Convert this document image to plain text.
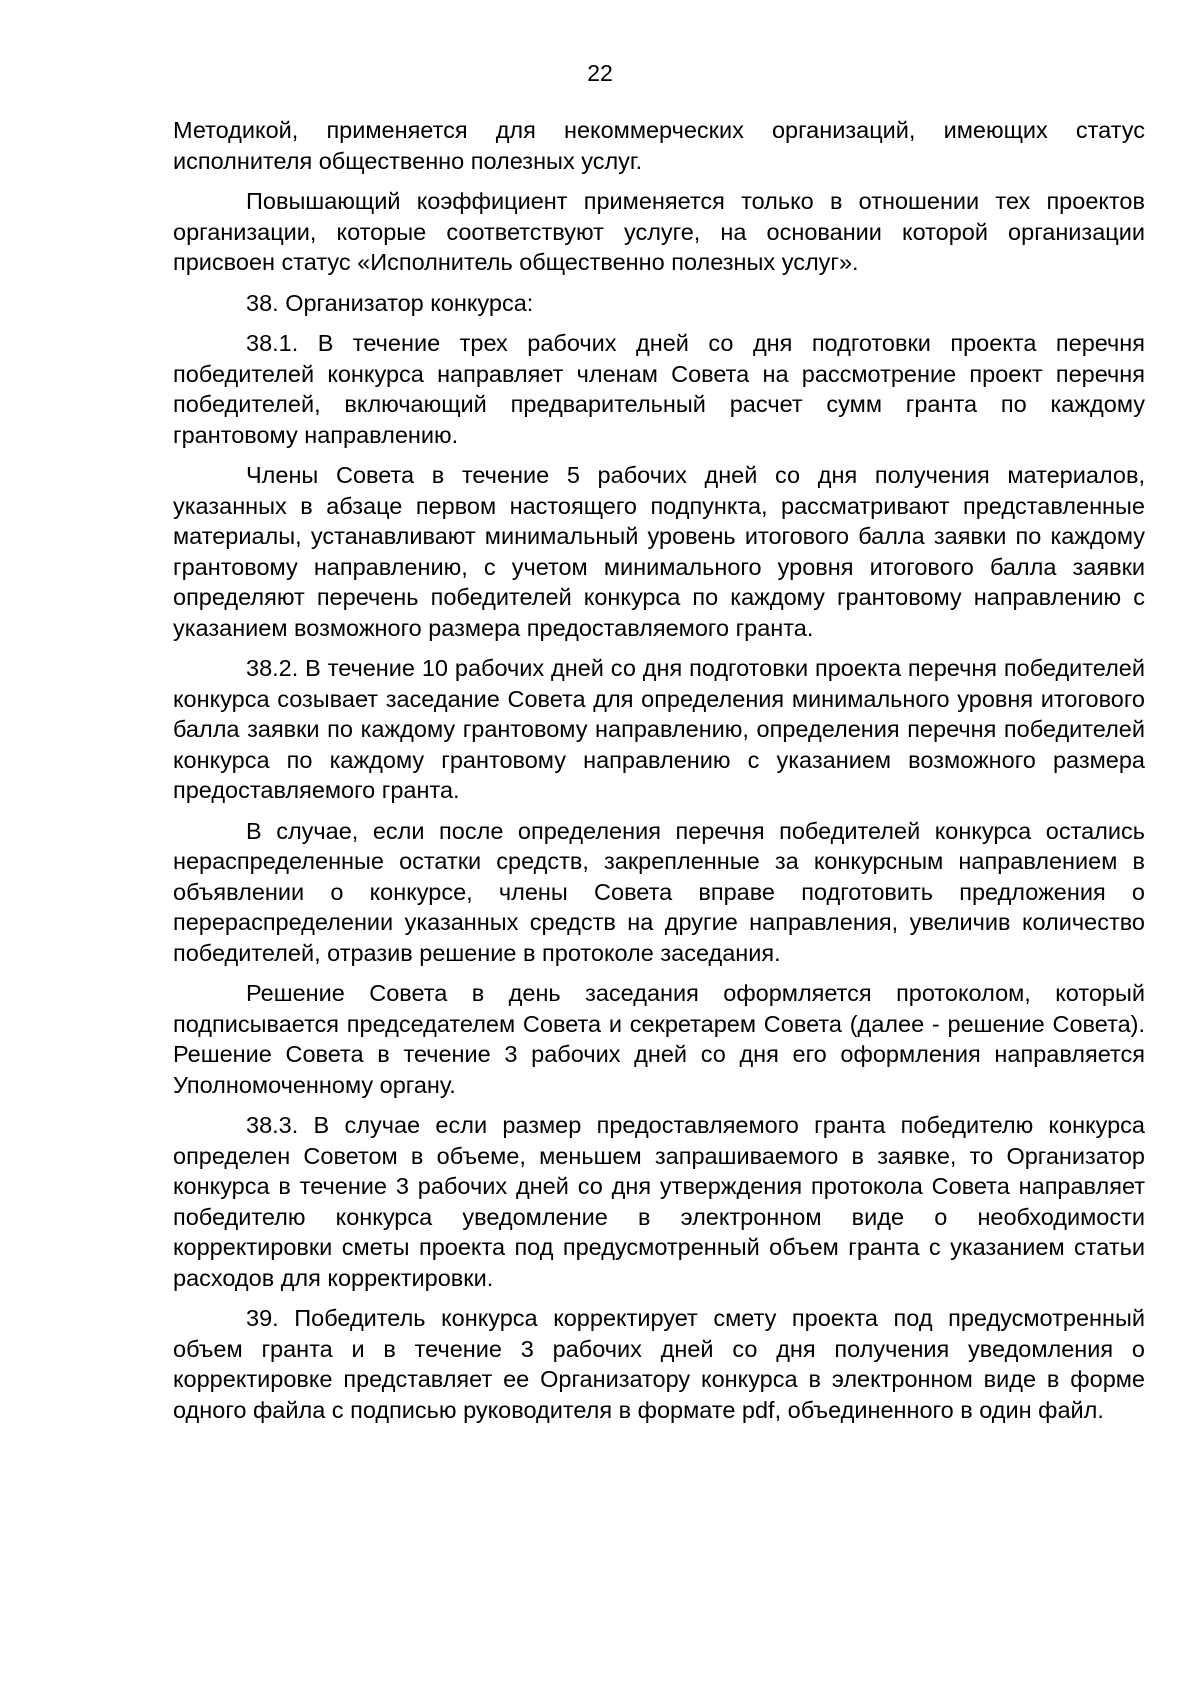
22

Методикой, применяется для некоммерческих организаций, имеющих статус исполнителя общественно полезных услуг.

Повышающий коэффициент применяется только в отношении тех проектов организации, которые соответствуют услуге, на основании которой организации присвоен статус «Исполнитель общественно полезных услуг».

38. Организатор конкурса:

38.1. В течение трех рабочих дней со дня подготовки проекта перечня победителей конкурса направляет членам Совета на рассмотрение проект перечня победителей, включающий предварительный расчет сумм гранта по каждому грантовому направлению.

Члены Совета в течение 5 рабочих дней со дня получения материалов, указанных в абзаце первом настоящего подпункта, рассматривают представленные материалы, устанавливают минимальный уровень итогового балла заявки по каждому грантовому направлению, с учетом минимального уровня итогового балла заявки определяют перечень победителей конкурса по каждому грантовому направлению с указанием возможного размера предоставляемого гранта.

38.2. В течение 10 рабочих дней со дня подготовки проекта перечня победителей конкурса созывает заседание Совета для определения минимального уровня итогового балла заявки по каждому грантовому направлению, определения перечня победителей конкурса по каждому грантовому направлению с указанием возможного размера предоставляемого гранта.

В случае, если после определения перечня победителей конкурса остались нераспределенные остатки средств, закрепленные за конкурсным направлением в объявлении о конкурсе, члены Совета вправе подготовить предложения о перераспределении указанных средств на другие направления, увеличив количество победителей, отразив решение в протоколе заседания.

Решение Совета в день заседания оформляется протоколом, который подписывается председателем Совета и секретарем Совета (далее - решение Совета). Решение Совета в течение 3 рабочих дней со дня его оформления направляется Уполномоченному органу.

38.3. В случае если размер предоставляемого гранта победителю конкурса определен Советом в объеме, меньшем запрашиваемого в заявке, то Организатор конкурса в течение 3 рабочих дней со дня утверждения протокола Совета направляет победителю конкурса уведомление в электронном виде о необходимости корректировки сметы проекта под предусмотренный объем гранта с указанием статьи расходов для корректировки.

39. Победитель конкурса корректирует смету проекта под предусмотренный объем гранта и в течение 3 рабочих дней со дня получения уведомления о корректировке представляет ее Организатору конкурса в электронном виде в форме одного файла с подписью руководителя в формате pdf, объединенного в один файл.
